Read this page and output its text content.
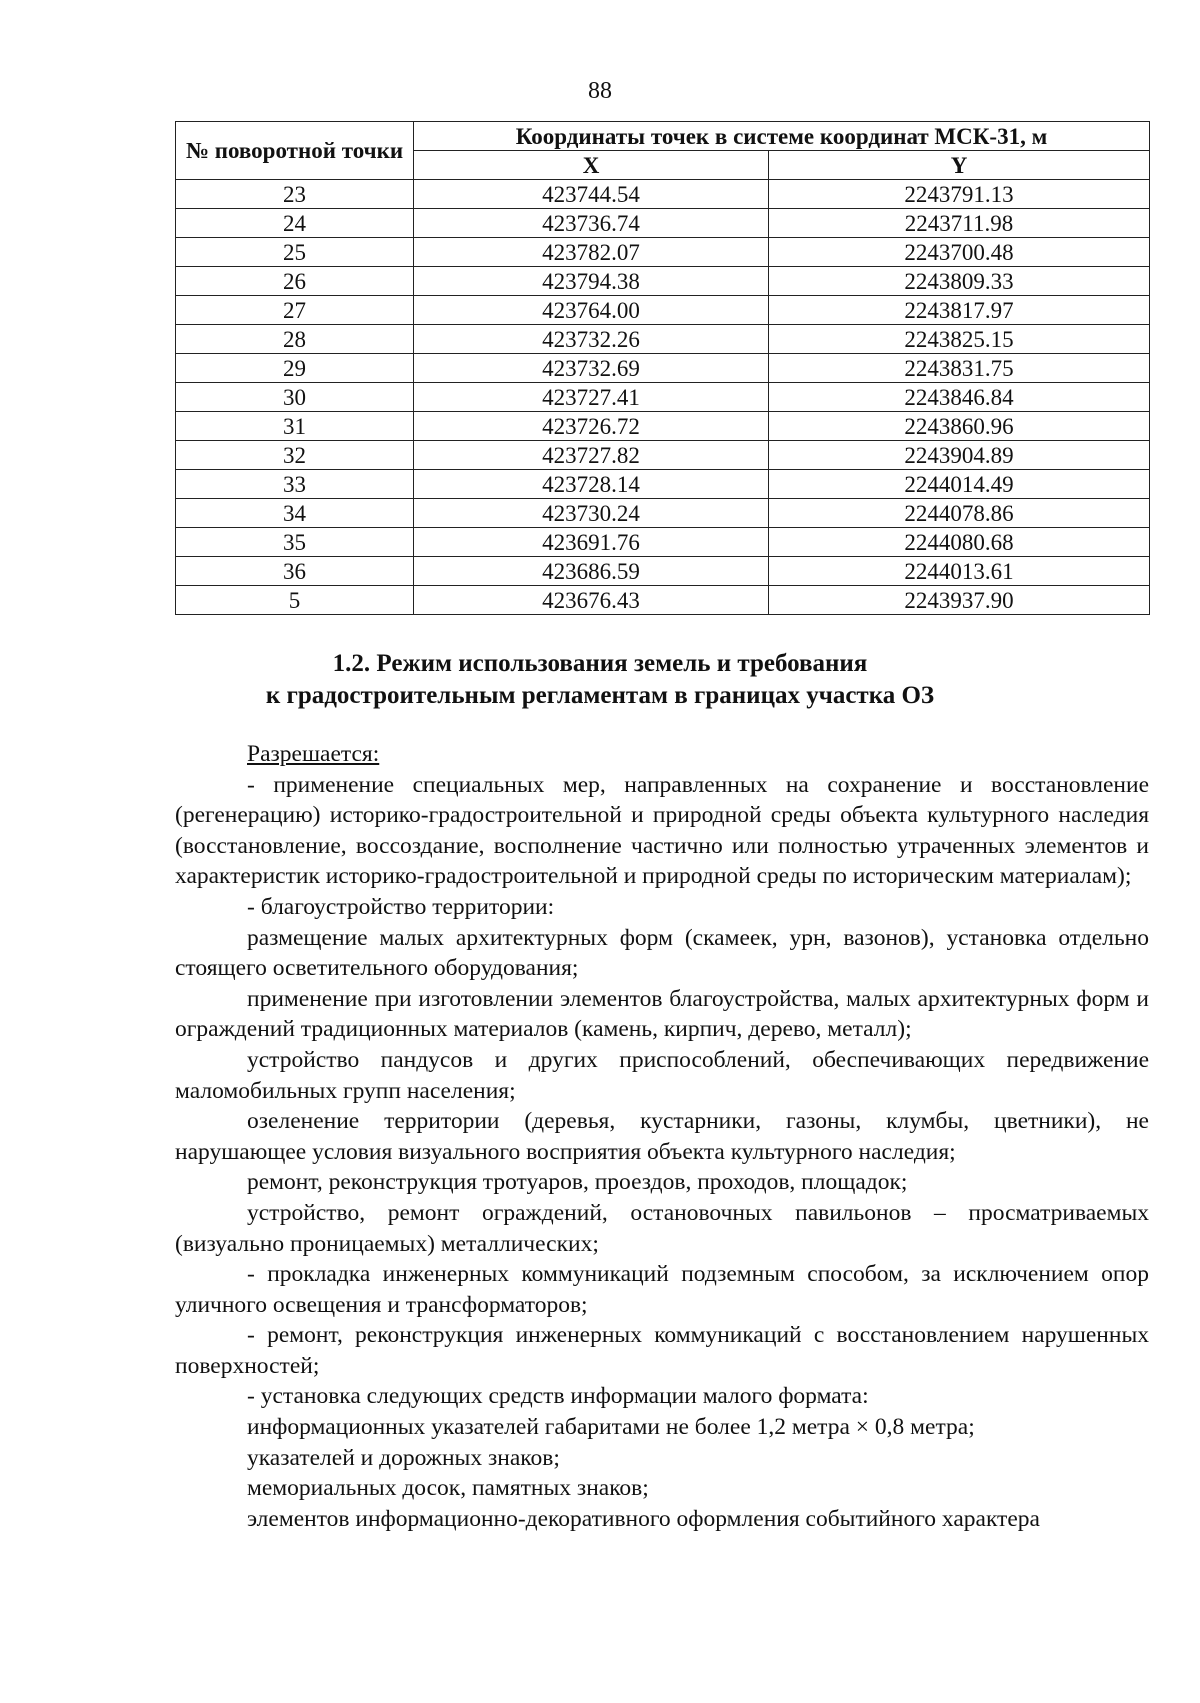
88
№ поворотной точки	Координаты точек в системе координат МСК-31, м	
	X	Y
23	423744.54	2243791.13
24	423736.74	2243711.98
25	423782.07	2243700.48
26	423794.38	2243809.33
27	423764.00	2243817.97
28	423732.26	2243825.15
29	423732.69	2243831.75
30	423727.41	2243846.84
31	423726.72	2243860.96
32	423727.82	2243904.89
33	423728.14	2244014.49
34	423730.24	2244078.86
35	423691.76	2244080.68
36	423686.59	2244013.61
5	423676.43	2243937.90
1.2. Режим использования земель и требования
к градостроительным регламентам в границах участка ОЗ

Разрешается:

- применение специальных мер, направленных на сохранение и восстановление (регенерацию) историко-градостроительной и природной среды объекта культурного наследия (восстановление, воссоздание, восполнение частично или полностью утраченных элементов и характеристик историко-градостроительной и природной среды по историческим материалам);

- благоустройство территории:

размещение малых архитектурных форм (скамеек, урн, вазонов), установка отдельно стоящего осветительного оборудования;

применение при изготовлении элементов благоустройства, малых архитектурных форм и ограждений традиционных материалов (камень, кирпич, дерево, металл);

устройство пандусов и других приспособлений, обеспечивающих передвижение маломобильных групп населения;

озеленение территории (деревья, кустарники, газоны, клумбы, цветники), не нарушающее условия визуального восприятия объекта культурного наследия;

ремонт, реконструкция тротуаров, проездов, проходов, площадок;

устройство, ремонт ограждений, остановочных павильонов – просматриваемых (визуально проницаемых) металлических;

- прокладка инженерных коммуникаций подземным способом, за исключением опор уличного освещения и трансформаторов;

- ремонт, реконструкция инженерных коммуникаций с восстановлением нарушенных поверхностей;

- установка следующих средств информации малого формата:

информационных указателей габаритами не более 1,2 метра × 0,8 метра;

указателей и дорожных знаков;

мемориальных досок, памятных знаков;

элементов информационно-декоративного оформления событийного характера
